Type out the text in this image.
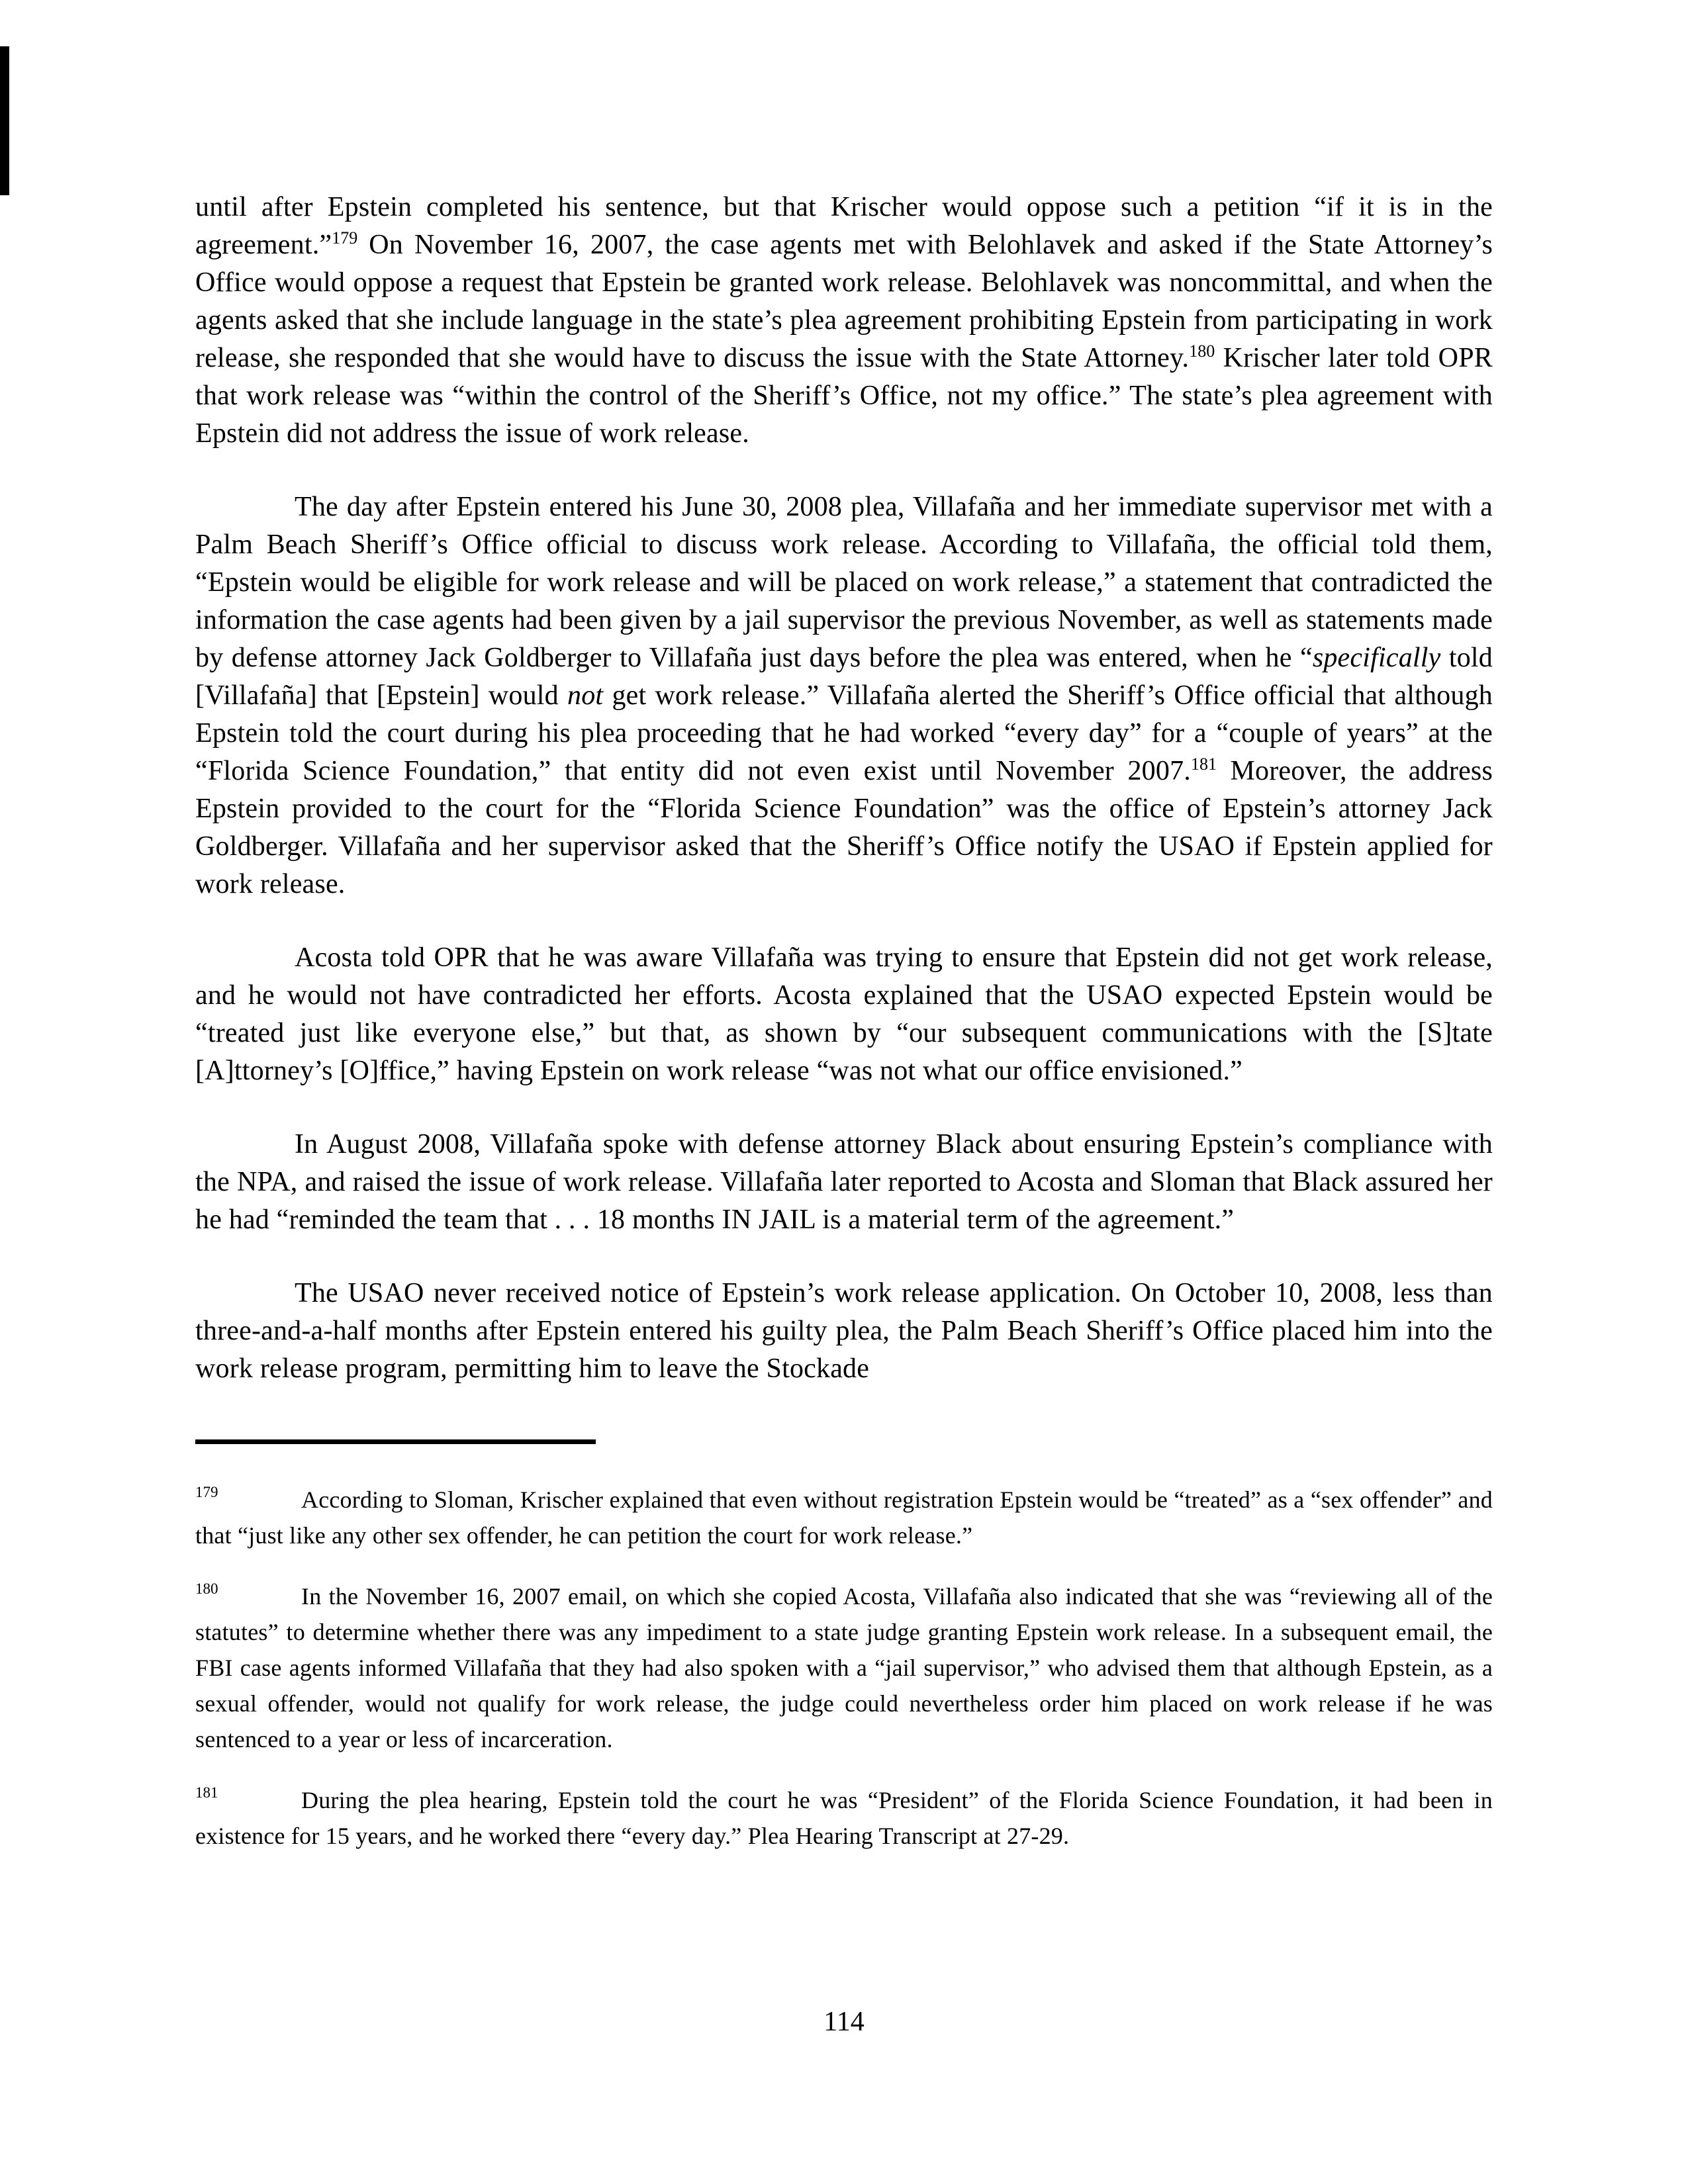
until after Epstein completed his sentence, but that Krischer would oppose such a petition “if it is in the agreement.”$^{179}$ On November 16, 2007, the case agents met with Belohlavek and asked if the State Attorney’s Office would oppose a request that Epstein be granted work release. Belohlavek was noncommittal, and when the agents asked that she include language in the state’s plea agreement prohibiting Epstein from participating in work release, she responded that she would have to discuss the issue with the State Attorney.$^{180}$ Krischer later told OPR that work release was “within the control of the Sheriff’s Office, not my office.” The state’s plea agreement with Epstein did not address the issue of work release.

The day after Epstein entered his June 30, 2008 plea, Villafaña and her immediate supervisor met with a Palm Beach Sheriff’s Office official to discuss work release. According to Villafaña, the official told them, “Epstein would be eligible for work release and will be placed on work release,” a statement that contradicted the information the case agents had been given by a jail supervisor the previous November, as well as statements made by defense attorney Jack Goldberger to Villafaña just days before the plea was entered, when he “specifically told [Villafaña] that [Epstein] would not get work release.” Villafaña alerted the Sheriff’s Office official that although Epstein told the court during his plea proceeding that he had worked “every day” for a “couple of years” at the “Florida Science Foundation,” that entity did not even exist until November 2007.$^{181}$ Moreover, the address Epstein provided to the court for the “Florida Science Foundation” was the office of Epstein’s attorney Jack Goldberger. Villafaña and her supervisor asked that the Sheriff’s Office notify the USAO if Epstein applied for work release.

Acosta told OPR that he was aware Villafaña was trying to ensure that Epstein did not get work release, and he would not have contradicted her efforts. Acosta explained that the USAO expected Epstein would be “treated just like everyone else,” but that, as shown by “our subsequent communications with the [S]tate [A]ttorney’s [O]ffice,” having Epstein on work release “was not what our office envisioned.”

In August 2008, Villafaña spoke with defense attorney Black about ensuring Epstein’s compliance with the NPA, and raised the issue of work release. Villafaña later reported to Acosta and Sloman that Black assured her he had “reminded the team that . . . 18 months IN JAIL is a material term of the agreement.”

The USAO never received notice of Epstein’s work release application. On October 10, 2008, less than three-and-a-half months after Epstein entered his guilty plea, the Palm Beach Sheriff’s Office placed him into the work release program, permitting him to leave the Stockade

179	According to Sloman, Krischer explained that even without registration Epstein would be “treated” as a “sex offender” and that “just like any other sex offender, he can petition the court for work release.”

180	In the November 16, 2007 email, on which she copied Acosta, Villafaña also indicated that she was “reviewing all of the statutes” to determine whether there was any impediment to a state judge granting Epstein work release. In a subsequent email, the FBI case agents informed Villafaña that they had also spoken with a “jail supervisor,” who advised them that although Epstein, as a sexual offender, would not qualify for work release, the judge could nevertheless order him placed on work release if he was sentenced to a year or less of incarceration.

181	During the plea hearing, Epstein told the court he was “President” of the Florida Science Foundation, it had been in existence for 15 years, and he worked there “every day.” Plea Hearing Transcript at 27-29.

114
